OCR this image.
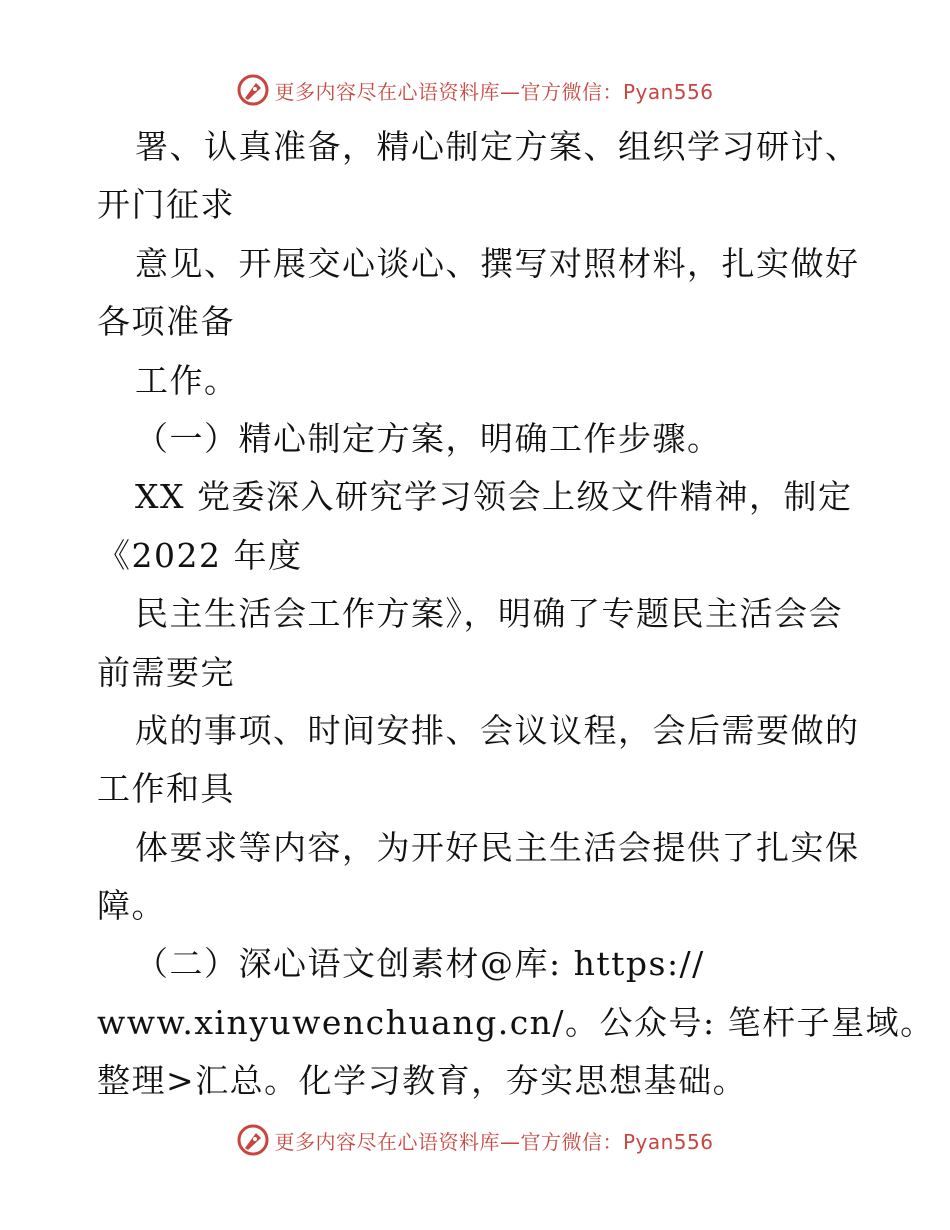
更多内容尽在心语资料库—官方微信：Pyan556
署、认真准备，精心制定方案、组织学习研讨、
开门征求
意见、开展交心谈心、撰写对照材料，扎实做好
各项准备
工作。
（一）精心制定方案，明确工作步骤。
XX 党委深入研究学习领会上级文件精神，制定
《2022 年度
民主生活会工作方案》，明确了专题民主活会会
前需要完
成的事项、时间安排、会议议程，会后需要做的
工作和具
体要求等内容，为开好民主生活会提供了扎实保
障。
（二）深心语文创素材@库: https://
www.xinyuwenchuang.cn/。公众号: 笔杆子星域。
整理>汇总。化学习教育，夯实思想基础。
更多内容尽在心语资料库—官方微信：Pyan556
